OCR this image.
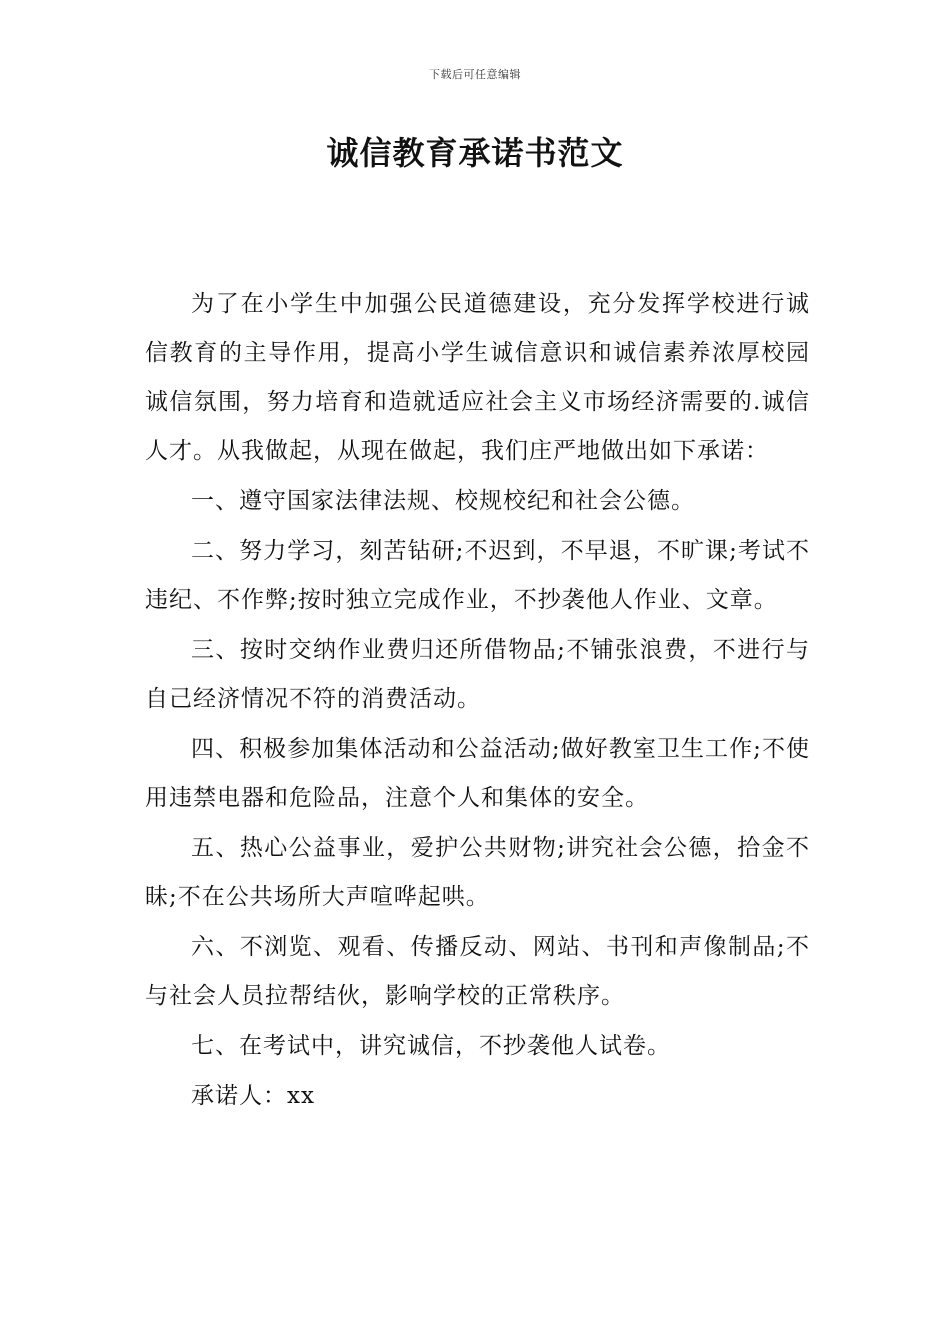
下载后可任意编辑
诚信教育承诺书范文

为了在小学生中加强公民道德建设，充分发挥学校进行诚信教育的主导作用，提高小学生诚信意识和诚信素养浓厚校园诚信氛围，努力培育和造就适应社会主义市场经济需要的.诚信人才。从我做起，从现在做起，我们庄严地做出如下承诺：

一、遵守国家法律法规、校规校纪和社会公德。

二、努力学习，刻苦钻研;不迟到，不早退，不旷课;考试不违纪、不作弊;按时独立完成作业，不抄袭他人作业、文章。

三、按时交纳作业费归还所借物品;不铺张浪费，不进行与自己经济情况不符的消费活动。

四、积极参加集体活动和公益活动;做好教室卫生工作;不使用违禁电器和危险品，注意个人和集体的安全。

五、热心公益事业，爱护公共财物;讲究社会公德，拾金不昧;不在公共场所大声喧哗起哄。

六、不浏览、观看、传播反动、网站、书刊和声像制品;不与社会人员拉帮结伙，影响学校的正常秩序。

七、在考试中，讲究诚信，不抄袭他人试卷。

承诺人：xx
